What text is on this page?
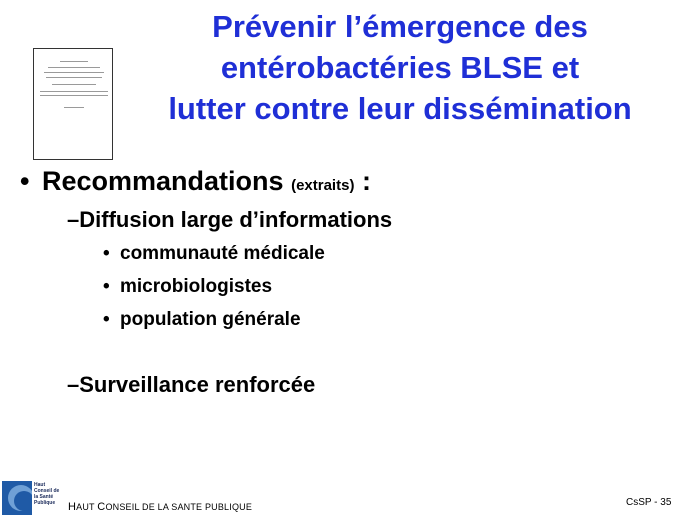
Prévenir l’émergence des
entérobactéries BLSE et
lutter contre leur dissémination
• Recommandations (extraits) :
–Diffusion large d’informations
• communauté médicale
• microbiologistes
• population générale
–Surveillance renforcée
Haut Conseil de la Santé Publique	HAUT CONSEIL DE LA SANTE PUBLIQUE	CsSP - 35
